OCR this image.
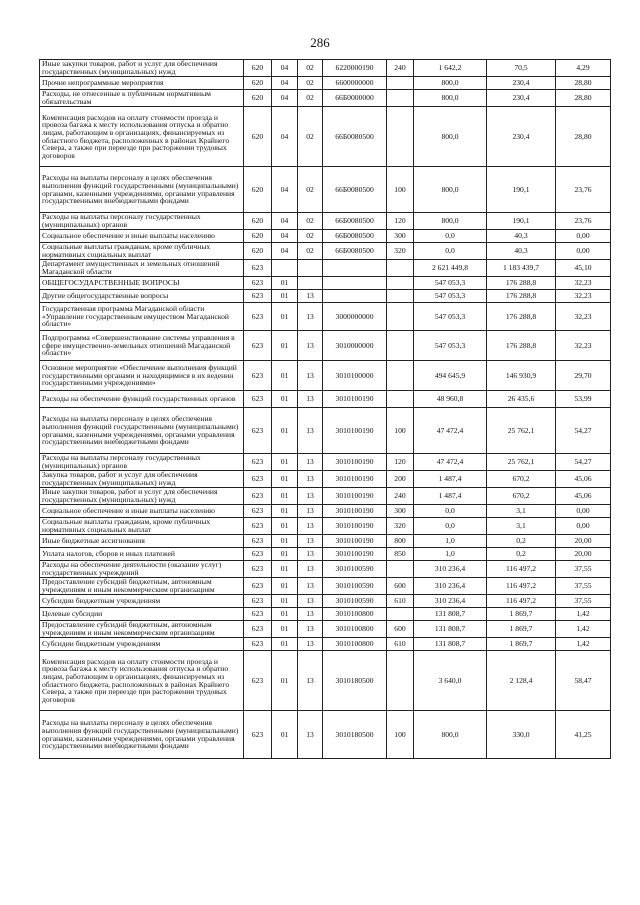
286
Иные закупки товаров, работ и услуг для обеспечения государственных (муниципальных) нужд	620	04	02	6220000190	240	1 642,2	70,5	4,29
Прочие непрограммные мероприятия	620	04	02	6600000000		800,0	230,4	28,80
Расходы, не отнесенные к публичным нормативным обязательствам	620	04	02	66Б0000000		800,0	230,4	28,80
Компенсация расходов на оплату стоимости проезда и провоза багажа к месту использования отпуска и обратно лицам, работающим в организациях, финансируемых из областного бюджета, расположенных в районах Крайнего Севера, а также при переезде при расторжении трудовых договоров	620	04	02	66Б0080500		800,0	230,4	28,80
Расходы на выплаты персоналу в целях обеспечения выполнения функций государственными (муниципальными) органами, казенными учреждениями, органами управления государственными внебюджетными фондами	620	04	02	66Б0080500	100	800,0	190,1	23,76
Расходы на выплаты персоналу государственных (муниципальных) органов	620	04	02	66Б0080500	120	800,0	190,1	23,76
Социальное обеспечение и иные выплаты населению	620	04	02	66Б0080500	300	0,0	40,3	0,00
Социальные выплаты гражданам, кроме публичных нормативных социальных выплат	620	04	02	66Б0080500	320	0,0	40,3	0,00
Департамент имущественных и земельных отношений Магаданской области	623					2 621 449,8	1 183 439,7	45,10
ОБЩЕГОСУДАРСТВЕННЫЕ ВОПРОСЫ	623	01				547 053,3	176 288,8	32,23
Другие общегосударственные вопросы	623	01	13			547 053,3	176 288,8	32,23
Государственная программа Магаданской области «Управление государственным имуществом Магаданской области»	623	01	13	3000000000		547 053,3	176 288,8	32,23
Подпрограмма «Совершенствование системы управления в сфере имущественно-земельных отношений Магаданской области»	623	01	13	3010000000		547 053,3	176 288,8	32,23
Основное мероприятие «Обеспечение выполнения функций государственными органами и находящимися в их ведении государственными учреждениями»	623	01	13	3010100000		494 645,9	146 930,9	29,70
Расходы на обеспечение функций государственных органов	623	01	13	3010100190		48 960,8	26 435,6	53,99
Расходы на выплаты персоналу в целях обеспечения выполнения функций государственными (муниципальными) органами, казенными учреждениями, органами управления государственными внебюджетными фондами	623	01	13	3010100190	100	47 472,4	25 762,1	54,27
Расходы на выплаты персоналу государственных (муниципальных) органов	623	01	13	3010100190	120	47 472,4	25 762,1	54,27
Закупка товаров, работ и услуг для обеспечения государственных (муниципальных) нужд	623	01	13	3010100190	200	1 487,4	670,2	45,06
Иные закупки товаров, работ и услуг для обеспечения государственных (муниципальных) нужд	623	01	13	3010100190	240	1 487,4	670,2	45,06
Социальное обеспечение и иные выплаты населению	623	01	13	3010100190	300	0,0	3,1	0,00
Социальные выплаты гражданам, кроме публичных нормативных социальных выплат	623	01	13	3010100190	320	0,0	3,1	0,00
Иные бюджетные ассигнования	623	01	13	3010100190	800	1,0	0,2	20,00
Уплата налогов, сборов и иных платежей	623	01	13	3010100190	850	1,0	0,2	20,00
Расходы на обеспечение деятельности (оказание услуг) государственных учреждений	623	01	13	3010100590		310 236,4	116 497,2	37,55
Предоставление субсидий бюджетным, автономным учреждениям и иным некоммерческим организациям	623	01	13	3010100590	600	310 236,4	116 497,2	37,55
Субсидии бюджетным учреждениям	623	01	13	3010100590	610	310 236,4	116 497,2	37,55
Целевые субсидии	623	01	13	3010100800		131 808,7	1 869,7	1,42
Предоставление субсидий бюджетным, автономным учреждениям и иным некоммерческим организациям	623	01	13	3010100800	600	131 808,7	1 869,7	1,42
Субсидии бюджетным учреждениям	623	01	13	3010100800	610	131 808,7	1 869,7	1,42
Компенсация расходов на оплату стоимости проезда и провоза багажа к месту использования отпуска и обратно лицам, работающим в организациях, финансируемых из областного бюджета, расположенных в районах Крайнего Севера, а также при переезде при расторжении трудовых договоров	623	01	13	3010180500		3 640,0	2 128,4	58,47
Расходы на выплаты персоналу в целях обеспечения выполнения функций государственными (муниципальными) органами, казенными учреждениями, органами управления государственными внебюджетными фондами	623	01	13	3010180500	100	800,0	330,0	41,25
